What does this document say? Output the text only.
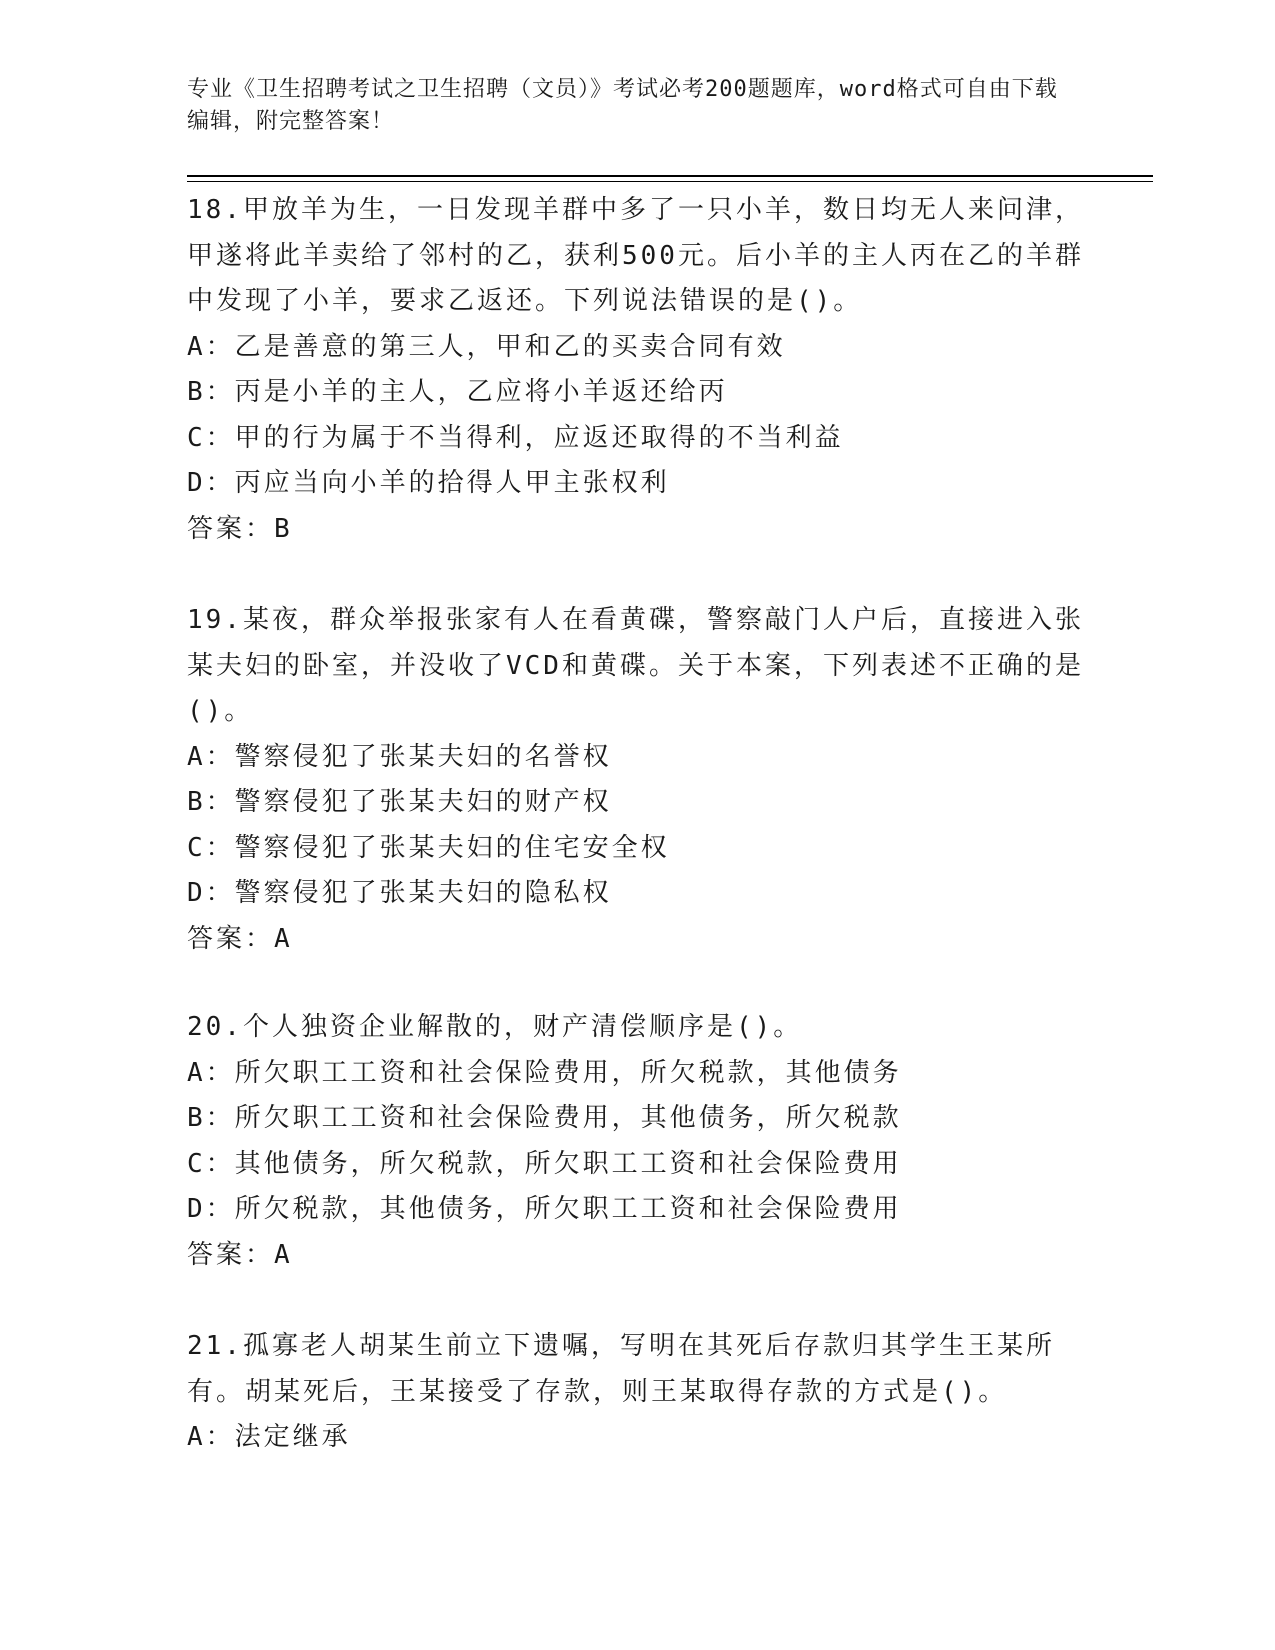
专业《卫生招聘考试之卫生招聘（文员）》考试必考200题题库，word格式可自由下载编辑，附完整答案！

18.甲放羊为生，一日发现羊群中多了一只小羊，数日均无人来问津，甲遂将此羊卖给了邻村的乙，获利500元。后小羊的主人丙在乙的羊群中发现了小羊，要求乙返还。下列说法错误的是()。

A：乙是善意的第三人，甲和乙的买卖合同有效

B：丙是小羊的主人，乙应将小羊返还给丙

C：甲的行为属于不当得利，应返还取得的不当利益

D：丙应当向小羊的拾得人甲主张权利

答案：B

19.某夜，群众举报张家有人在看黄碟，警察敲门人户后，直接进入张某夫妇的卧室，并没收了VCD和黄碟。关于本案，下列表述不正确的是()。

A：警察侵犯了张某夫妇的名誉权

B：警察侵犯了张某夫妇的财产权

C：警察侵犯了张某夫妇的住宅安全权

D：警察侵犯了张某夫妇的隐私权

答案：A

20.个人独资企业解散的，财产清偿顺序是()。

A：所欠职工工资和社会保险费用，所欠税款，其他债务

B：所欠职工工资和社会保险费用，其他债务，所欠税款

C：其他债务，所欠税款，所欠职工工资和社会保险费用

D：所欠税款，其他债务，所欠职工工资和社会保险费用

答案：A

21.孤寡老人胡某生前立下遗嘱，写明在其死后存款归其学生王某所有。胡某死后，王某接受了存款，则王某取得存款的方式是()。

A：法定继承
